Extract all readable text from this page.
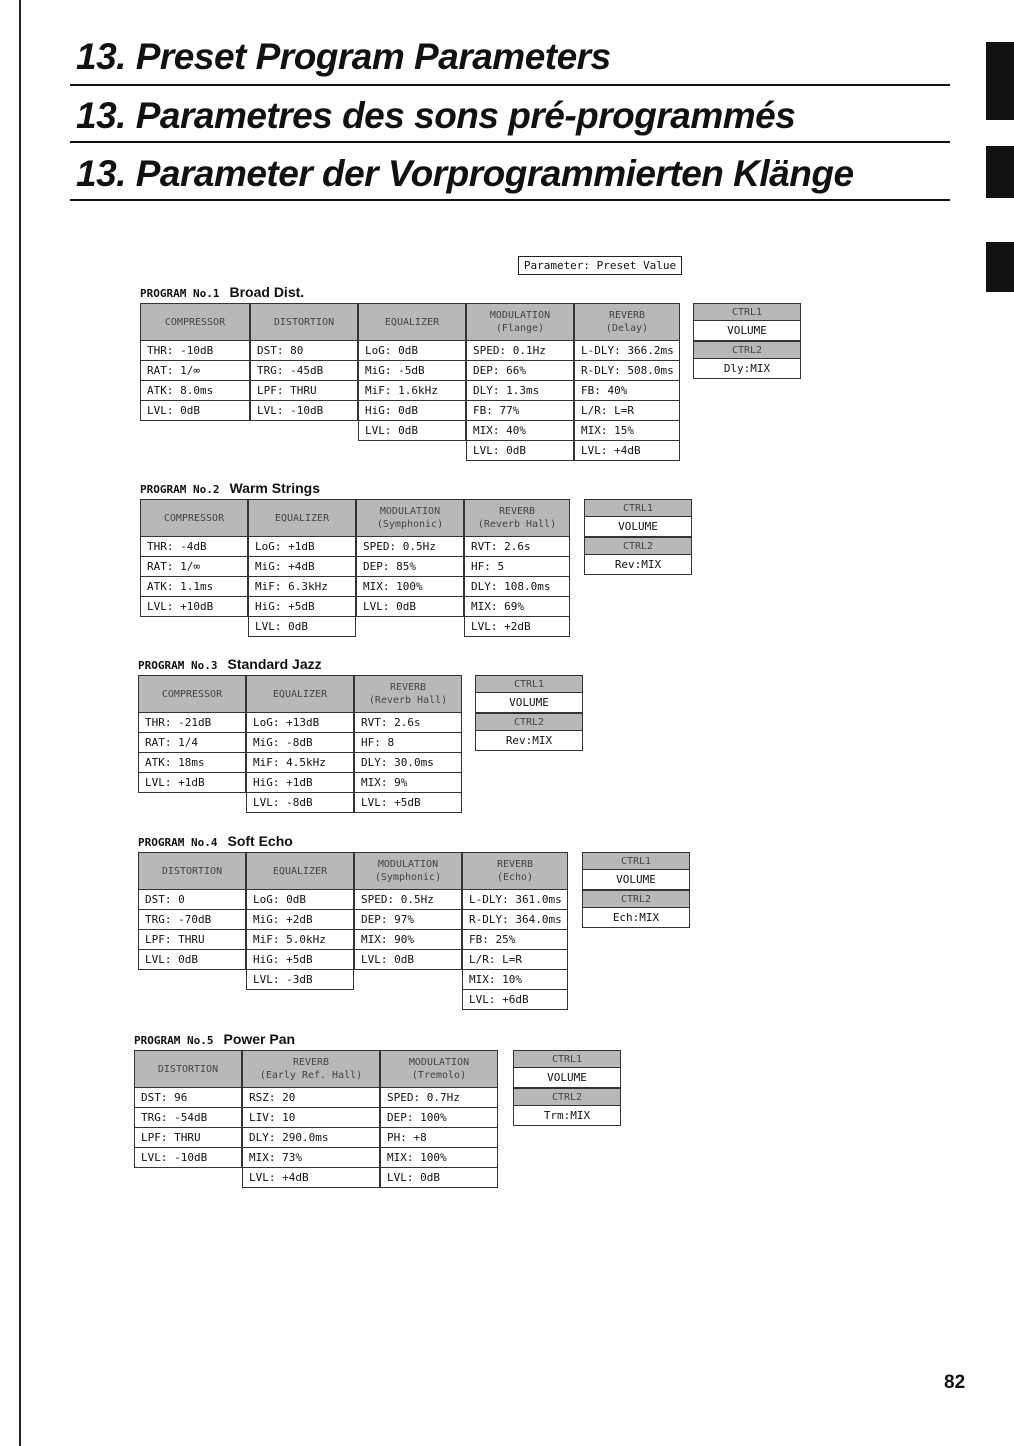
13. Preset Program Parameters
13. Parametres des sons pré-programmés
13. Parameter der Vorprogrammierten Klänge
Parameter: Preset Value
PROGRAM No.1 Broad Dist.
COMPRESSOR
THR: -10dB
RAT: 1/∞
ATK: 8.0ms
LVL: 0dB
DISTORTION
DST: 80
TRG: -45dB
LPF: THRU
LVL: -10dB
EQUALIZER
LoG: 0dB
MiG: -5dB
MiF: 1.6kHz
HiG: 0dB
LVL: 0dB
MODULATION
(Flange)
SPED: 0.1Hz
DEP: 66%
DLY: 1.3ms
FB: 77%
MIX: 40%
LVL: 0dB
REVERB
(Delay)
L-DLY: 366.2ms
R-DLY: 508.0ms
FB: 40%
L/R: L=R
MIX: 15%
LVL: +4dB
CTRL1
VOLUME
CTRL2
Dly:MIX
PROGRAM No.2 Warm Strings
COMPRESSOR
THR: -4dB
RAT: 1/∞
ATK: 1.1ms
LVL: +10dB
EQUALIZER
LoG: +1dB
MiG: +4dB
MiF: 6.3kHz
HiG: +5dB
LVL: 0dB
MODULATION
(Symphonic)
SPED: 0.5Hz
DEP: 85%
MIX: 100%
LVL: 0dB
REVERB
(Reverb Hall)
RVT: 2.6s
HF: 5
DLY: 108.0ms
MIX: 69%
LVL: +2dB
CTRL1
VOLUME
CTRL2
Rev:MIX
PROGRAM No.3 Standard Jazz
COMPRESSOR
THR: -21dB
RAT: 1/4
ATK: 18ms
LVL: +1dB
EQUALIZER
LoG: +13dB
MiG: -8dB
MiF: 4.5kHz
HiG: +1dB
LVL: -8dB
REVERB
(Reverb Hall)
RVT: 2.6s
HF: 8
DLY: 30.0ms
MIX: 9%
LVL: +5dB
CTRL1
VOLUME
CTRL2
Rev:MIX
PROGRAM No.4 Soft Echo
DISTORTION
DST: 0
TRG: -70dB
LPF: THRU
LVL: 0dB
EQUALIZER
LoG: 0dB
MiG: +2dB
MiF: 5.0kHz
HiG: +5dB
LVL: -3dB
MODULATION
(Symphonic)
SPED: 0.5Hz
DEP: 97%
MIX: 90%
LVL: 0dB
REVERB
(Echo)
L-DLY: 361.0ms
R-DLY: 364.0ms
FB: 25%
L/R: L=R
MIX: 10%
LVL: +6dB
CTRL1
VOLUME
CTRL2
Ech:MIX
PROGRAM No.5 Power Pan
DISTORTION
DST: 96
TRG: -54dB
LPF: THRU
LVL: -10dB
REVERB
(Early Ref. Hall)
RSZ: 20
LIV: 10
DLY: 290.0ms
MIX: 73%
LVL: +4dB
MODULATION
(Tremolo)
SPED: 0.7Hz
DEP: 100%
PH: +8
MIX: 100%
LVL: 0dB
CTRL1
VOLUME
CTRL2
Trm:MIX
82
